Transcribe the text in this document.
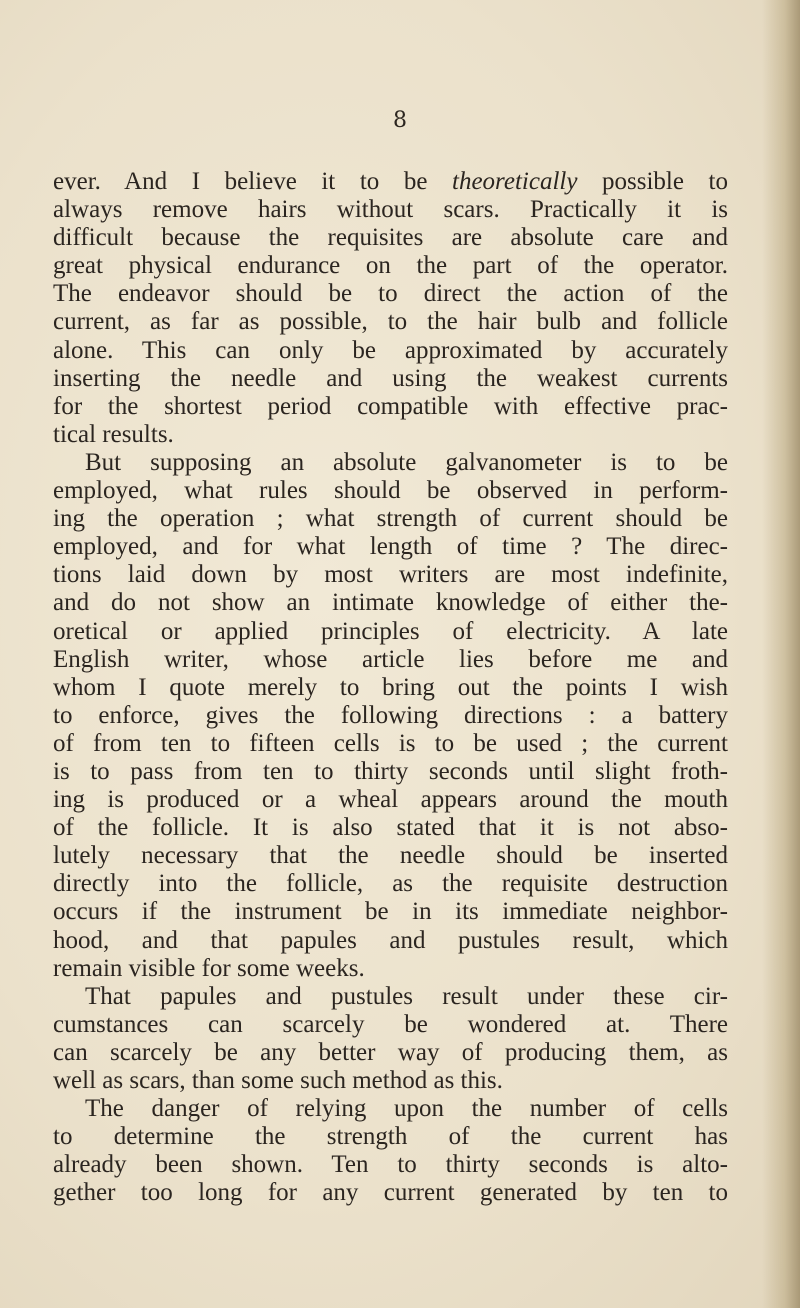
8

ever. And I believe it to be theoretically possible to
always remove hairs without scars. Practically it is
difficult because the requisites are absolute care and
great physical endurance on the part of the operator.
The endeavor should be to direct the action of the
current, as far as possible, to the hair bulb and follicle
alone. This can only be approximated by accurately
inserting the needle and using the weakest currents
for the shortest period compatible with effective prac-
tical results.
But supposing an absolute galvanometer is to be
employed, what rules should be observed in perform-
ing the operation ; what strength of current should be
employed, and for what length of time ? The direc-
tions laid down by most writers are most indefinite,
and do not show an intimate knowledge of either the-
oretical or applied principles of electricity. A late
English writer, whose article lies before me and
whom I quote merely to bring out the points I wish
to enforce, gives the following directions : a battery
of from ten to fifteen cells is to be used ; the current
is to pass from ten to thirty seconds until slight froth-
ing is produced or a wheal appears around the mouth
of the follicle. It is also stated that it is not abso-
lutely necessary that the needle should be inserted
directly into the follicle, as the requisite destruction
occurs if the instrument be in its immediate neighbor-
hood, and that papules and pustules result, which
remain visible for some weeks.
That papules and pustules result under these cir-
cumstances can scarcely be wondered at. There
can scarcely be any better way of producing them, as
well as scars, than some such method as this.
The danger of relying upon the number of cells
to determine the strength of the current has
already been shown. Ten to thirty seconds is alto-
gether too long for any current generated by ten to
